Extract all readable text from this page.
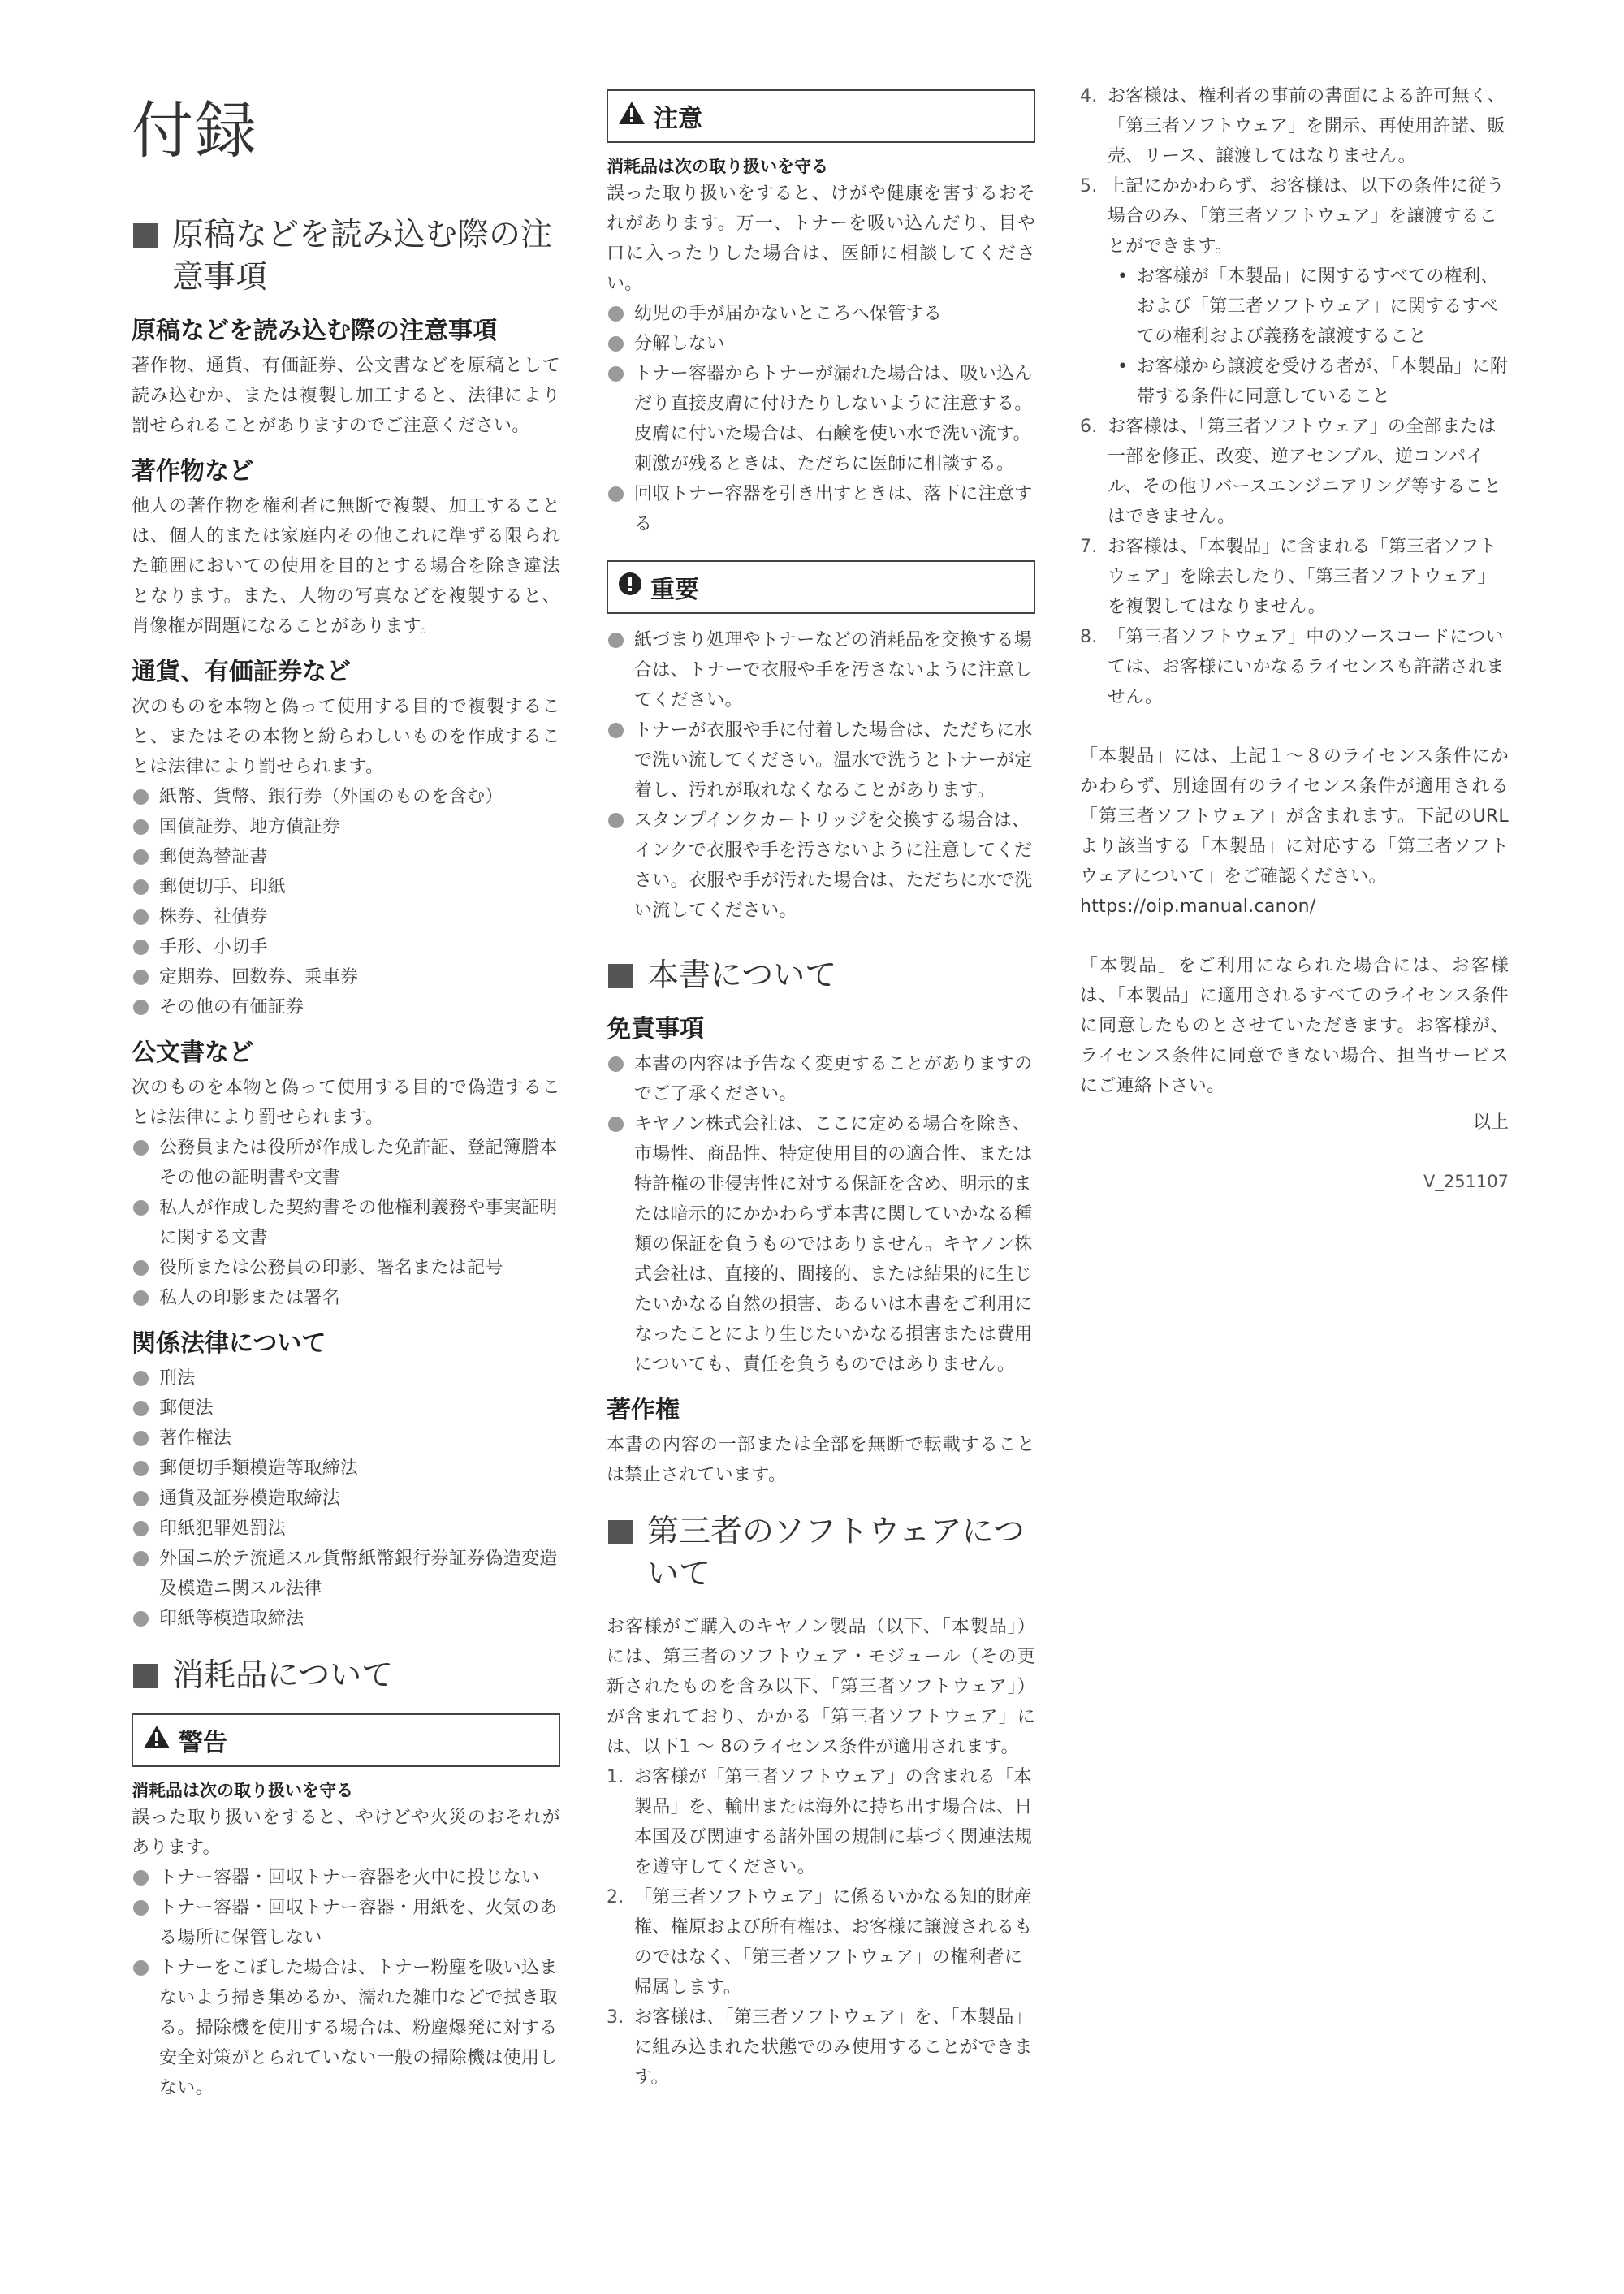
付録
原稿などを読み込む際の注意事項
原稿などを読み込む際の注意事項

著作物、通貨、有価証券、公文書などを原稿として読み込むか、または複製し加工すると、法律により罰せられることがありますのでご注意ください。

著作物など

他人の著作物を権利者に無断で複製、加工することは、個人的または家庭内その他これに準ずる限られた範囲においての使用を目的とする場合を除き違法となります。また、人物の写真などを複製すると、肖像権が問題になることがあります。

通貨、有価証券など

次のものを本物と偽って使用する目的で複製すること、またはその本物と紛らわしいものを作成することは法律により罰せられます。

紙幣、貨幣、銀行券（外国のものを含む）
国債証券、地方債証券
郵便為替証書
郵便切手、印紙
株券、社債券
手形、小切手
定期券、回数券、乗車券
その他の有価証券
公文書など

次のものを本物と偽って使用する目的で偽造することは法律により罰せられます。

公務員または役所が作成した免許証、登記簿謄本その他の証明書や文書
私人が作成した契約書その他権利義務や事実証明に関する文書
役所または公務員の印影、署名または記号
私人の印影または署名
関係法律について
刑法
郵便法
著作権法
郵便切手類模造等取締法
通貨及証券模造取締法
印紙犯罪処罰法
外国ニ於テ流通スル貨幣紙幣銀行券証券偽造変造及模造ニ関スル法律
印紙等模造取締法
消耗品について
警告
消耗品は次の取り扱いを守る

誤った取り扱いをすると、やけどや火災のおそれがあります。

トナー容器・回収トナー容器を火中に投じない
トナー容器・回収トナー容器・用紙を、火気のある場所に保管しない
トナーをこぼした場合は、トナー粉塵を吸い込まないよう掃き集めるか、濡れた雑巾などで拭き取る。掃除機を使用する場合は、粉塵爆発に対する安全対策がとられていない一般の掃除機は使用しない。
注意
消耗品は次の取り扱いを守る

誤った取り扱いをすると、けがや健康を害するおそれがあります。万一、トナーを吸い込んだり、目や口に入ったりした場合は、医師に相談してください。

幼児の手が届かないところへ保管する
分解しない
トナー容器からトナーが漏れた場合は、吸い込んだり直接皮膚に付けたりしないように注意する。皮膚に付いた場合は、石鹸を使い水で洗い流す。刺激が残るときは、ただちに医師に相談する。
回収トナー容器を引き出すときは、落下に注意する
重要
紙づまり処理やトナーなどの消耗品を交換する場合は、トナーで衣服や手を汚さないように注意してください。
トナーが衣服や手に付着した場合は、ただちに水で洗い流してください。温水で洗うとトナーが定着し、汚れが取れなくなることがあります。
スタンプインクカートリッジを交換する場合は、インクで衣服や手を汚さないように注意してください。衣服や手が汚れた場合は、ただちに水で洗い流してください。
本書について
免責事項
本書の内容は予告なく変更することがありますのでご了承ください。
キヤノン株式会社は、ここに定める場合を除き、市場性、商品性、特定使用目的の適合性、または特許権の非侵害性に対する保証を含め、明示的または暗示的にかかわらず本書に関していかなる種類の保証を負うものではありません。キヤノン株式会社は、直接的、間接的、または結果的に生じたいかなる自然の損害、あるいは本書をご利用になったことにより生じたいかなる損害または費用についても、責任を負うものではありません。
著作権

本書の内容の一部または全部を無断で転載することは禁止されています。

第三者のソフトウェアについて

お客様がご購入のキヤノン製品（以下、「本製品」）には、第三者のソフトウェア・モジュール（その更新されたものを含み以下、「第三者ソフトウェア」）が含まれており、かかる「第三者ソフトウェア」には、以下1 ～ 8のライセンス条件が適用されます。

1. お客様が「第三者ソフトウェア」の含まれる「本製品」を、輸出または海外に持ち出す場合は、日本国及び関連する諸外国の規制に基づく関連法規を遵守してください。
2. 「第三者ソフトウェア」に係るいかなる知的財産権、権原および所有権は、お客様に譲渡されるものではなく、「第三者ソフトウェア」の権利者に帰属します。
3. お客様は、「第三者ソフトウェア」を、「本製品」に組み込まれた状態でのみ使用することができます。
4. お客様は、権利者の事前の書面による許可無く、「第三者ソフトウェア」を開示、再使用許諾、販売、リース、譲渡してはなりません。
5. 上記にかかわらず、お客様は、以下の条件に従う場合のみ、「第三者ソフトウェア」を譲渡することができます。
• お客様が「本製品」に関するすべての権利、および「第三者ソフトウェア」に関するすべての権利および義務を譲渡すること
• お客様から譲渡を受ける者が、「本製品」に附帯する条件に同意していること
6. お客様は、「第三者ソフトウェア」の全部または一部を修正、改変、逆アセンブル、逆コンパイル、その他リバースエンジニアリング等することはできません。
7. お客様は、「本製品」に含まれる「第三者ソフトウェア」を除去したり、「第三者ソフトウェア」を複製してはなりません。
8. 「第三者ソフトウェア」中のソースコードについては、お客様にいかなるライセンスも許諾されません。

「本製品」には、上記１～８のライセンス条件にかかわらず、別途固有のライセンス条件が適用される「第三者ソフトウェア」が含まれます。下記のURLより該当する「本製品」に対応する「第三者ソフトウェアについて」をご確認ください。

https://oip.manual.canon/

「本製品」をご利用になられた場合には、お客様は、「本製品」に適用されるすべてのライセンス条件に同意したものとさせていただきます。お客様が、ライセンス条件に同意できない場合、担当サービスにご連絡下さい。

以上
V_251107
